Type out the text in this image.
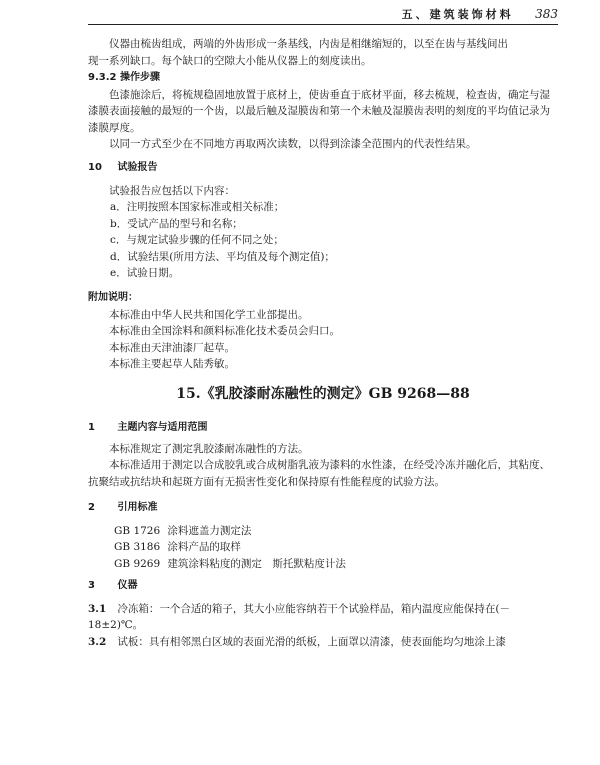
五、建筑装饰材料 383

仪器由梳齿组成，两端的外齿形成一条基线，内齿是相继缩短的，以至在齿与基线间出

现一系列缺口。每个缺口的空隙大小能从仪器上的刻度读出。

9.3.2 操作步骤

色漆施涂后，将梳规稳固地放置于底材上，使齿垂直于底材平面，移去梳规，检查齿，确定与湿漆膜表面接触的最短的一个齿，以最后触及湿膜齿和第一个未触及湿膜齿表明的刻度的平均值记录为漆膜厚度。

以同一方式至少在不同地方再取两次读数，以得到涂漆全范围内的代表性结果。

10 试验报告

试验报告应包括以下内容：

a．注明按照本国家标准或相关标准；

b．受试产品的型号和名称；

c．与规定试验步骤的任何不同之处；

d．试验结果(所用方法、平均值及每个测定值)；

e．试验日期。

附加说明：

本标准由中华人民共和国化学工业部提出。

本标准由全国涂料和颜料标准化技术委员会归口。

本标准由天津油漆厂起草。

本标准主要起草人陆秀敏。

15.《乳胶漆耐冻融性的测定》GB 9268—88

1 主题内容与适用范围

本标准规定了测定乳胶漆耐冻融性的方法。

本标准适用于测定以合成胶乳或合成树脂乳液为漆料的水性漆，在经受冷冻并融化后，其粘度、抗聚结或抗结块和起斑方面有无损害性变化和保持原有性能程度的试验方法。

2 引用标准

GB 1726 涂料遮盖力测定法

GB 3186 涂料产品的取样

GB 9269 建筑涂料粘度的测定　斯托默粘度计法

3 仪器

3.1 冷冻箱：一个合适的箱子，其大小应能容纳若干个试验样品，箱内温度应能保持在(－18±2)℃。

3.2 试板：具有相邻黑白区域的表面光滑的纸板，上面罩以清漆，使表面能均匀地涂上漆
